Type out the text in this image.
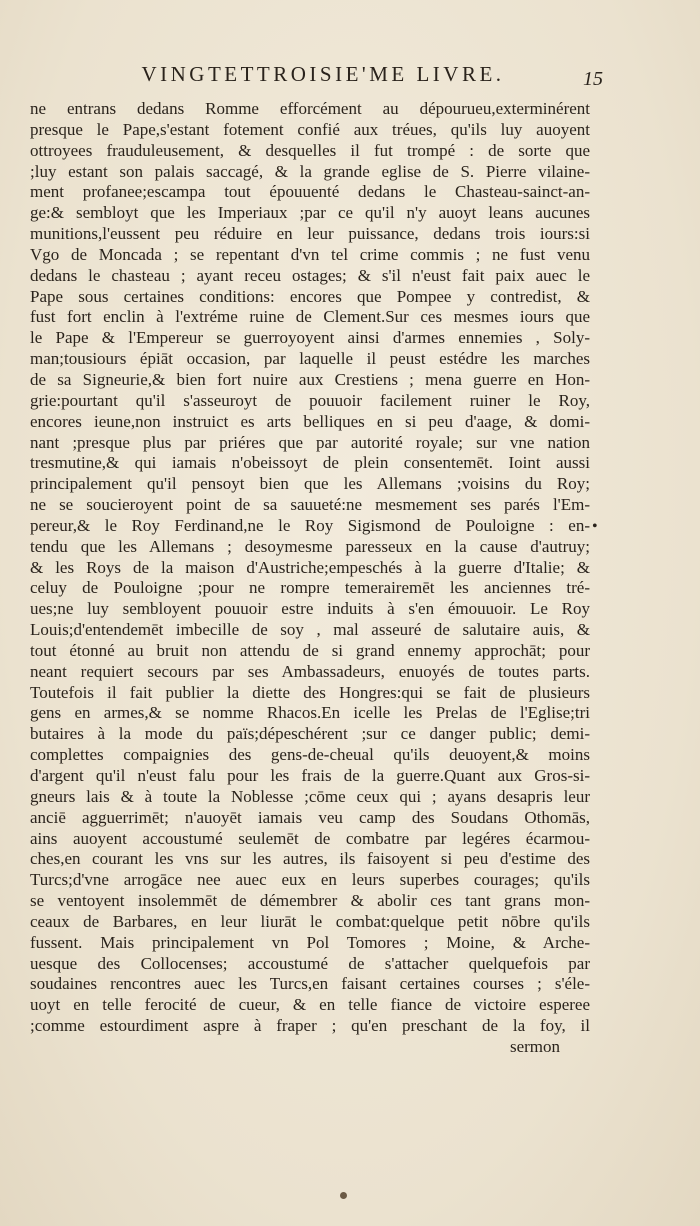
VINGTETTROISIE'ME LIVRE.	15
•
ne entrans dedans Romme efforcément au dépourueu,exterminérent
presque le Pape,s'estant fotement confié aux tréues, qu'ils luy auoyent
ottroyees frauduleusement, & desquelles il fut trompé : de sorte que
;luy estant son palais saccagé, & la grande eglise de S. Pierre vilaine-
ment profanee;escampa tout épouuenté dedans le Chasteau-sainct-an-
ge:& sembloyt que les Imperiaux ;par ce qu'il n'y auoyt leans aucunes
munitions,l'eussent peu réduire en leur puissance, dedans trois iours:si
Vgo de Moncada ; se repentant d'vn tel crime commis ; ne fust venu
dedans le chasteau ; ayant receu ostages; & s'il n'eust fait paix auec le
Pape sous certaines conditions: encores que Pompee y contredist, &
fust fort enclin à l'extréme ruine de Clement.Sur ces mesmes iours que
le Pape & l'Empereur se guerroyoyent ainsi d'armes ennemies , Soly-
man;tousiours épiāt occasion, par laquelle il peust estédre les marches
de sa Signeurie,& bien fort nuire aux Crestiens ; mena guerre en Hon-
grie:pourtant qu'il s'asseuroyt de pouuoir facilement ruiner le Roy,
encores ieune,non instruict es arts belliques en si peu d'aage, & domi-
nant ;presque plus par priéres que par autorité royale; sur vne nation
tresmutine,& qui iamais n'obeissoyt de plein consentemēt. Ioint aussi
principalement qu'il pensoyt bien que les Allemans ;voisins du Roy;
ne se soucieroyent point de sa sauueté:ne mesmement ses parés l'Em-
pereur,& le Roy Ferdinand,ne le Roy Sigismond de Pouloigne : en-
tendu que les Allemans ; desoymesme paresseux en la cause d'autruy;
& les Roys de la maison d'Austriche;empeschés à la guerre d'Italie; &
celuy de Pouloigne ;pour ne rompre temerairemēt les anciennes tré-
ues;ne luy sembloyent pouuoir estre induits à s'en émouuoir. Le Roy
Louis;d'entendemēt imbecille de soy , mal asseuré de salutaire auis, &
tout étonné au bruit non attendu de si grand ennemy approchāt; pour
neant requiert secours par ses Ambassadeurs, enuoyés de toutes parts.
Toutefois il fait publier la diette des Hongres:qui se fait de plusieurs
gens en armes,& se nomme Rhacos.En icelle les Prelas de l'Eglise;tri
butaires à la mode du païs;dépeschérent ;sur ce danger public; demi-
complettes compaignies des gens-de-cheual qu'ils deuoyent,& moins
d'argent qu'il n'eust falu pour les frais de la guerre.Quant aux Gros-si-
gneurs lais & à toute la Noblesse ;cōme ceux qui ; ayans desapris leur
anciē agguerrimēt; n'auoyēt iamais veu camp des Soudans Othomās,
ains auoyent accoustumé seulemēt de combatre par legéres écarmou-
ches,en courant les vns sur les autres, ils faisoyent si peu d'estime des
Turcs;d'vne arrogāce nee auec eux en leurs superbes courages; qu'ils
se ventoyent insolemmēt de démembrer & abolir ces tant grans mon-
ceaux de Barbares, en leur liurāt le combat:quelque petit nōbre qu'ils
fussent. Mais principalement vn Pol Tomores ; Moine, & Arche-
uesque des Collocenses; accoustumé de s'attacher quelquefois par
soudaines rencontres auec les Turcs,en faisant certaines courses ; s'éle-
uoyt en telle ferocité de cueur, & en telle fiance de victoire esperee
;comme estourdiment aspre à fraper ; qu'en preschant de la foy, il
sermon
